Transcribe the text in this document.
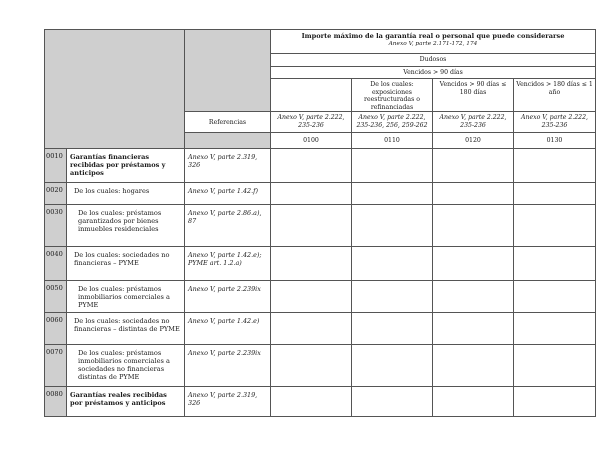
			Importe máximo de la garantía real o personal que puede considerarse
Anexo V, parte 2.171-172, 174			

			Dudosos			
			Vencidos > 90 días			

				De los cuales: exposiciones reestructuradas o refinanciadas	Vencidos > 90 días ≤ 180 días	Vencidos > 180 días ≤ 1 año
		Referencias	Anexo V, parte 2.222, 235-236	Anexo V, parte 2.222, 235-236, 256, 259-262	Anexo V, parte 2.222, 235-236	Anexo V, parte 2.222, 235-236
			0100	0110	0120	0130
0010	Garantías financieras recibidas por préstamos y anticipos	Anexo V, parte 2.319, 326				
0020	De los cuales: hogares	Anexo V, parte 1.42.f)				
0030	De los cuales: préstamos garantizados por bienes inmuebles residenciales	Anexo V, parte 2.86.a), 87				
0040	De los cuales: sociedades no financieras – PYME	Anexo V, parte 1.42.e); PYME art. 1.2.a)				
0050	De los cuales: préstamos inmobiliarios comerciales a PYME	Anexo V, parte 2.239ix				
0060	De los cuales: sociedades no financieras – distintas de PYME	Anexo V, parte 1.42.e)				
0070	De los cuales: préstamos inmobiliarios comerciales a sociedades no financieras distintas de PYME	Anexo V, parte 2.239ix				
0080	Garantías reales recibidas por préstamos y anticipos	Anexo V, parte 2.319, 326				
